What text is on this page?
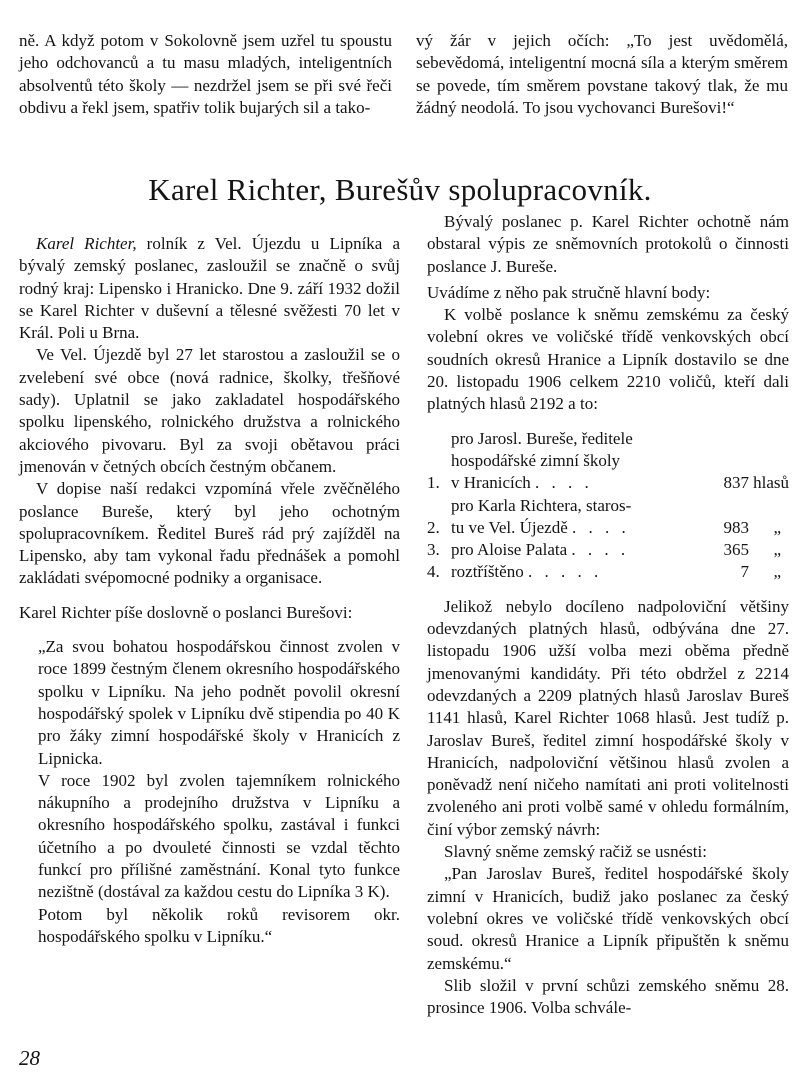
ně. A když potom v Sokolovně jsem uzřel tu spoustu jeho odchovanců a tu masu mladých, inteligentních absolventů této školy — nezdržel jsem se při své řeči obdivu a řekl jsem, spatřiv tolik bujarých sil a tako-

vý žár v jejich očích: „To jest uvědomělá, sebevědomá, inteligentní mocná síla a kterým směrem se povede, tím směrem povstane takový tlak, že mu žádný neodolá. To jsou vychovanci Burešovi!“

Karel Richter, Burešův spolupracovník.

Karel Richter, rolník z Vel. Újezdu u Lipníka a bývalý zemský poslanec, zasloužil se značně o svůj rodný kraj: Lipensko i Hranicko. Dne 9. září 1932 dožil se Karel Richter v duševní a tělesné svěžesti 70 let v Král. Poli u Brna.

Ve Vel. Újezdě byl 27 let starostou a zasloužil se o zvelebení své obce (nová radnice, školky, třešňové sady). Uplatnil se jako zakladatel hospodářského spolku lipenského, rolnického družstva a rolnického akciového pivovaru. Byl za svoji obětavou práci jmenován v četných obcích čestným občanem.

V dopise naší redakci vzpomíná vřele zvěčnělého poslance Bureše, který byl jeho ochotným spolupracovníkem. Ředitel Bureš rád prý zajížděl na Lipensko, aby tam vykonal řadu přednášek a pomohl zakládati svépomocné podniky a organisace.

Karel Richter píše doslovně o poslanci Burešovi:

„Za svou bohatou hospodářskou činnost zvolen v roce 1899 čestným členem okresního hospodářského spolku v Lipníku. Na jeho podnět povolil okresní hospodářský spolek v Lipníku dvě stipendia po 40 K pro žáky zimní hospodářské školy v Hranicích z Lipnicka.

V roce 1902 byl zvolen tajemníkem rolnického nákupního a prodejního družstva v Lipníku a okresního hospodářského spolku, zastával i funkci účetního a po dvouleté činnosti se vzdal těchto funkcí pro přílišné zaměstnání. Konal tyto funkce nezištně (dostával za každou cestu do Lipníka 3 K).

Potom byl několik roků revisorem okr. hospodářského spolku v Lipníku.“

Bývalý poslanec p. Karel Richter ochotně nám obstaral výpis ze sněmovních protokolů o činnosti poslance J. Bureše.

Uvádíme z něho pak stručně hlavní body:

K volbě poslance k sněmu zemskému za český volební okres ve voličské třídě venkovských obcí soudních okresů Hranice a Lipník dostavilo se dne 20. listopadu 1906 celkem 2210 voličů, kteří dali platných hlasů 2192 a to:

1.
pro Jarosl. Bureše, ředitele
hospodářské zimní školy
v Hranicích . . . .	837 hlasů
2.
pro Karla Richtera, staros-
tu ve Vel. Újezdě . . . .	983	„
3. pro Aloise Palata . . . .	365	„
4. roztříštěno . . . . .	7	„

Jelikož nebylo docíleno nadpoloviční většiny odevzdaných platných hlasů, odbývána dne 27. listopadu 1906 užší volba mezi oběma předně jmenovanými kandidáty. Při této obdržel z 2214 odevzdaných a 2209 platných hlasů Jaroslav Bureš 1141 hlasů, Karel Richter 1068 hlasů. Jest tudíž p. Jaroslav Bureš, ředitel zimní hospodářské školy v Hranicích, nadpoloviční většinou hlasů zvolen a poněvadž není ničeho namítati ani proti volitelnosti zvoleného ani proti volbě samé v ohledu formálním, činí výbor zemský návrh:

Slavný sněme zemský račiž se usnésti:

„Pan Jaroslav Bureš, ředitel hospodářské školy zimní v Hranicích, budiž jako poslanec za český volební okres ve voličské třídě venkovských obcí soud. okresů Hranice a Lipník připuštěn k sněmu zemskému.“

Slib složil v první schůzi zemského sněmu 28. prosince 1906. Volba schvále-

28
